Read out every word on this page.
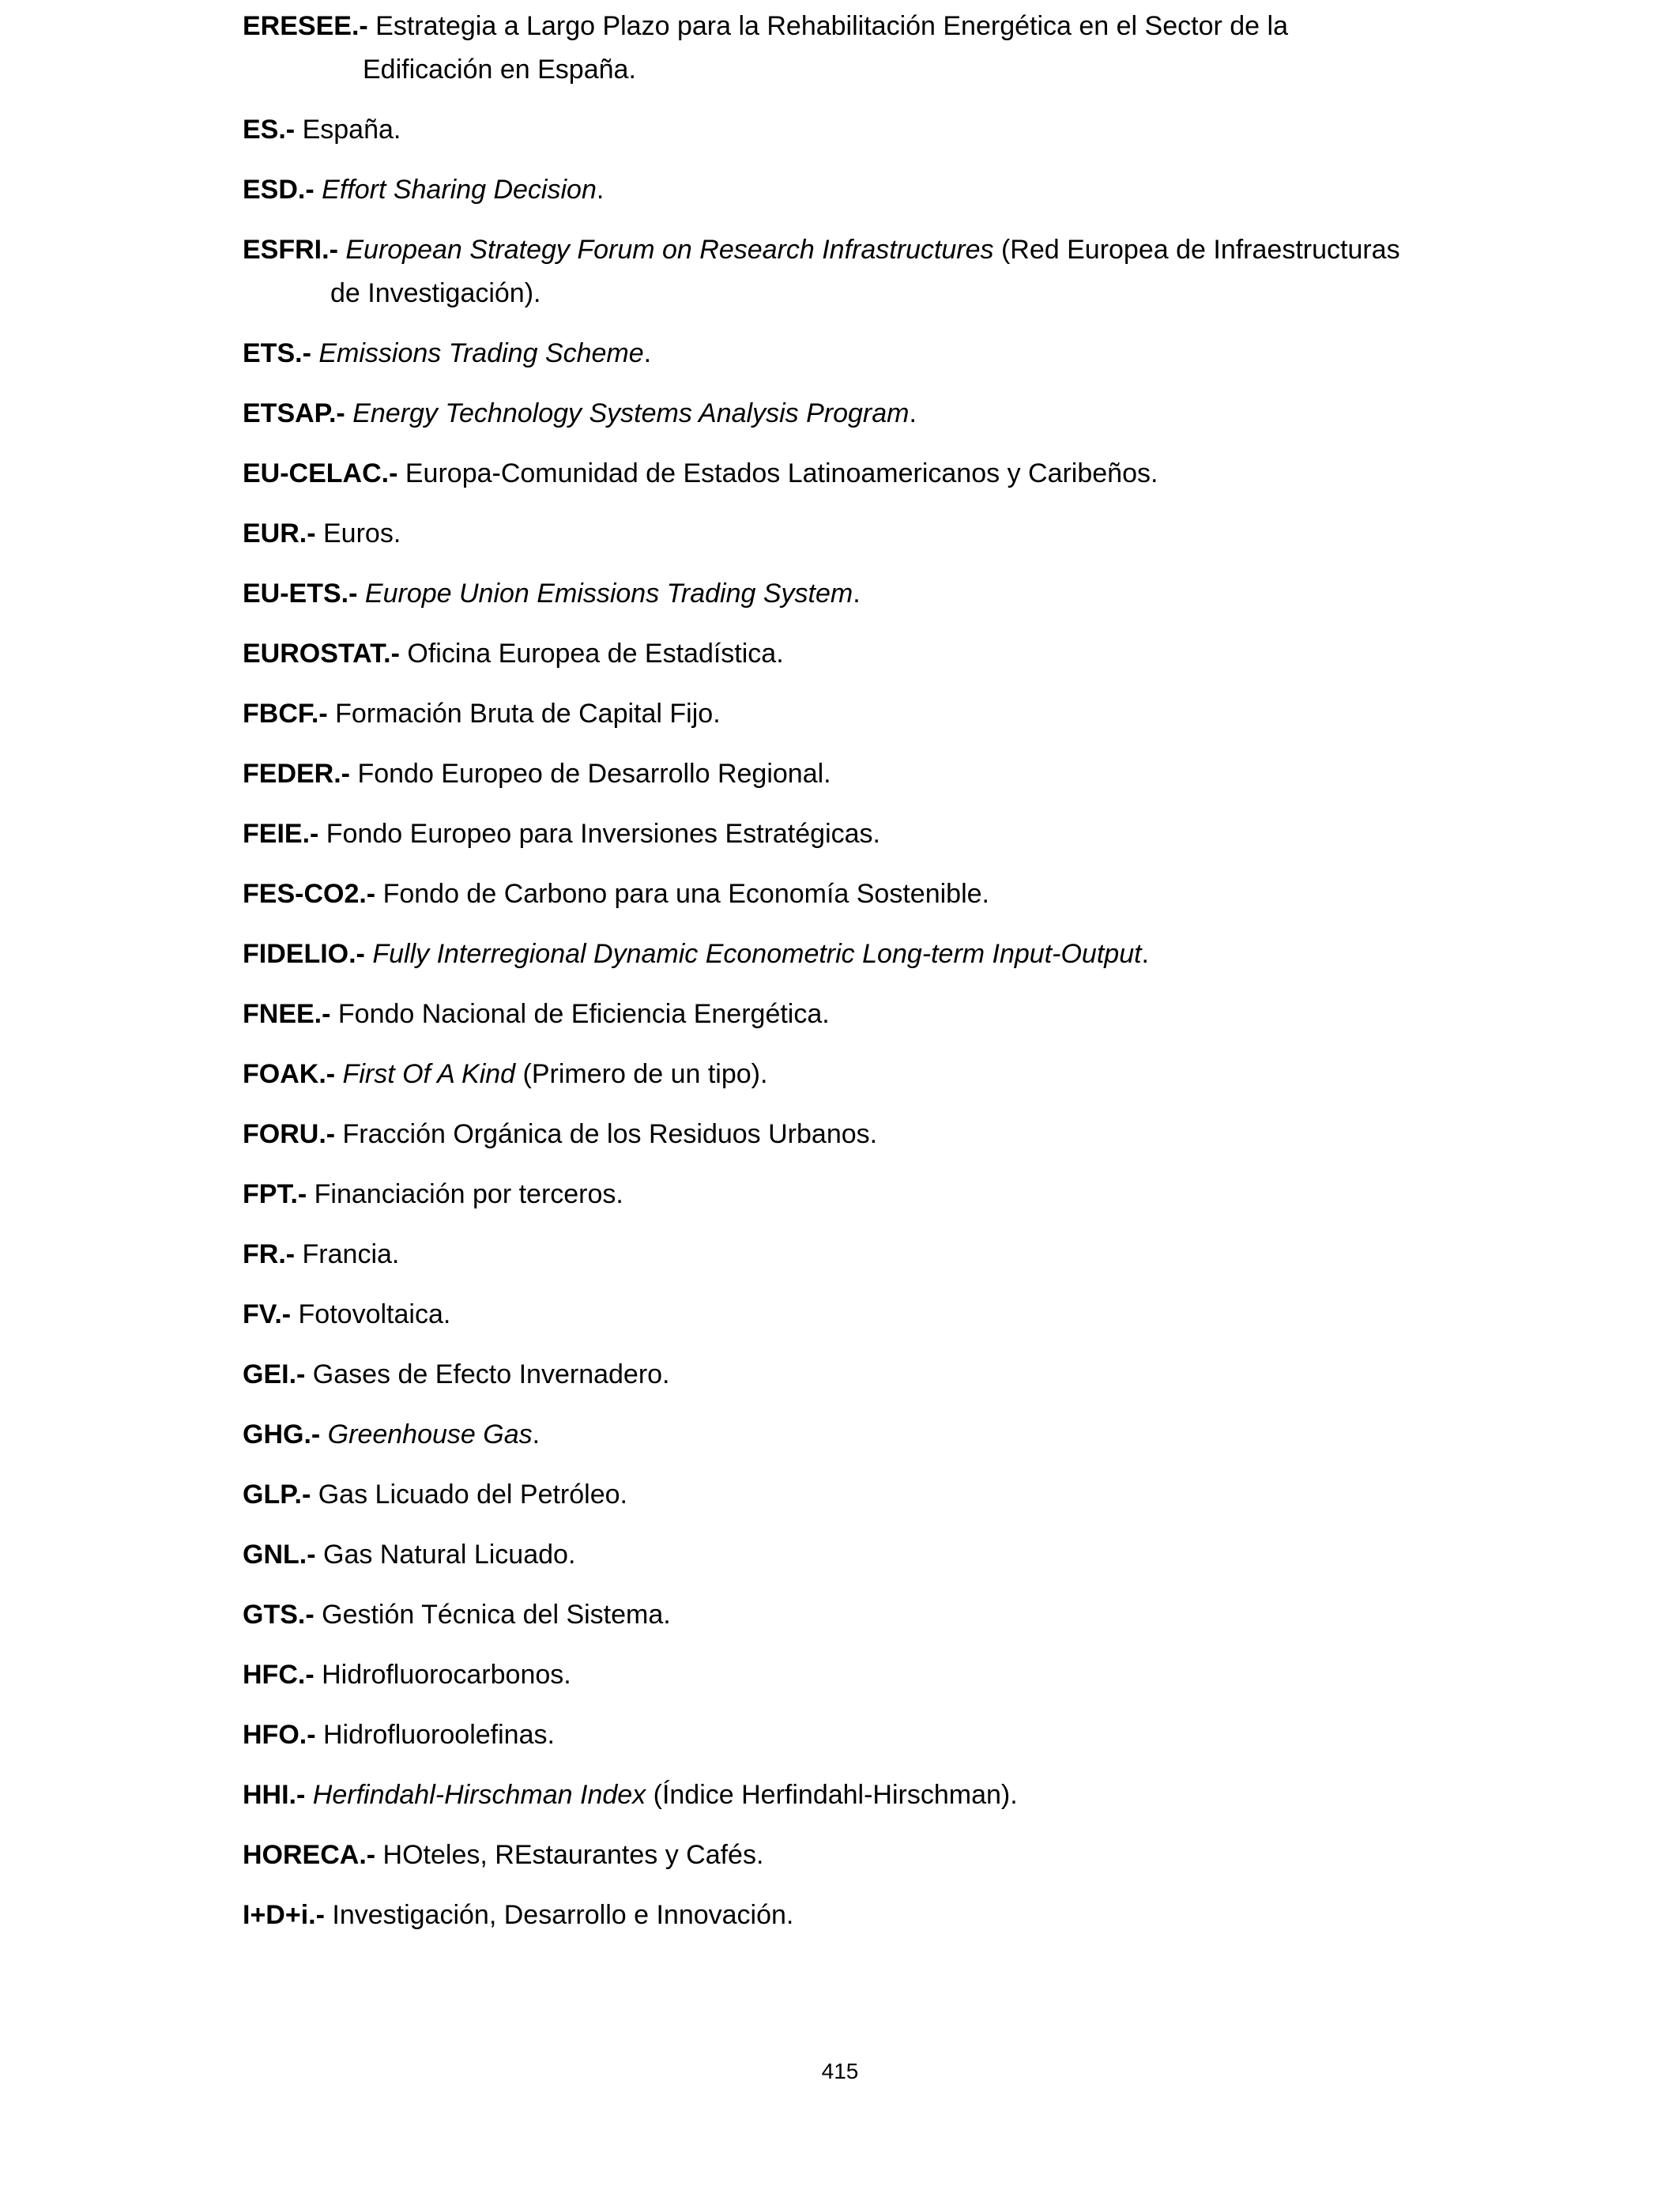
ERESEE.- Estrategia a Largo Plazo para la Rehabilitación Energética en el Sector de la
Edificación en España.

ES.- España.

ESD.- Effort Sharing Decision.

ESFRI.- European Strategy Forum on Research Infrastructures (Red Europea de Infraestructuras
de Investigación).

ETS.- Emissions Trading Scheme.

ETSAP.- Energy Technology Systems Analysis Program.

EU-CELAC.- Europa-Comunidad de Estados Latinoamericanos y Caribeños.

EUR.- Euros.

EU-ETS.- Europe Union Emissions Trading System.

EUROSTAT.- Oficina Europea de Estadística.

FBCF.- Formación Bruta de Capital Fijo.

FEDER.- Fondo Europeo de Desarrollo Regional.

FEIE.- Fondo Europeo para Inversiones Estratégicas.

FES-CO2.- Fondo de Carbono para una Economía Sostenible.

FIDELIO.- Fully Interregional Dynamic Econometric Long-term Input-Output.

FNEE.- Fondo Nacional de Eficiencia Energética.

FOAK.- First Of A Kind (Primero de un tipo).

FORU.- Fracción Orgánica de los Residuos Urbanos.

FPT.- Financiación por terceros.

FR.- Francia.

FV.- Fotovoltaica.

GEI.- Gases de Efecto Invernadero.

GHG.- Greenhouse Gas.

GLP.- Gas Licuado del Petróleo.

GNL.- Gas Natural Licuado.

GTS.- Gestión Técnica del Sistema.

HFC.- Hidrofluorocarbonos.

HFO.- Hidrofluoroolefinas.

HHI.- Herfindahl-Hirschman Index (Índice Herfindahl-Hirschman).

HORECA.- HOteles, REstaurantes y Cafés.

I+D+i.- Investigación, Desarrollo e Innovación.

415
